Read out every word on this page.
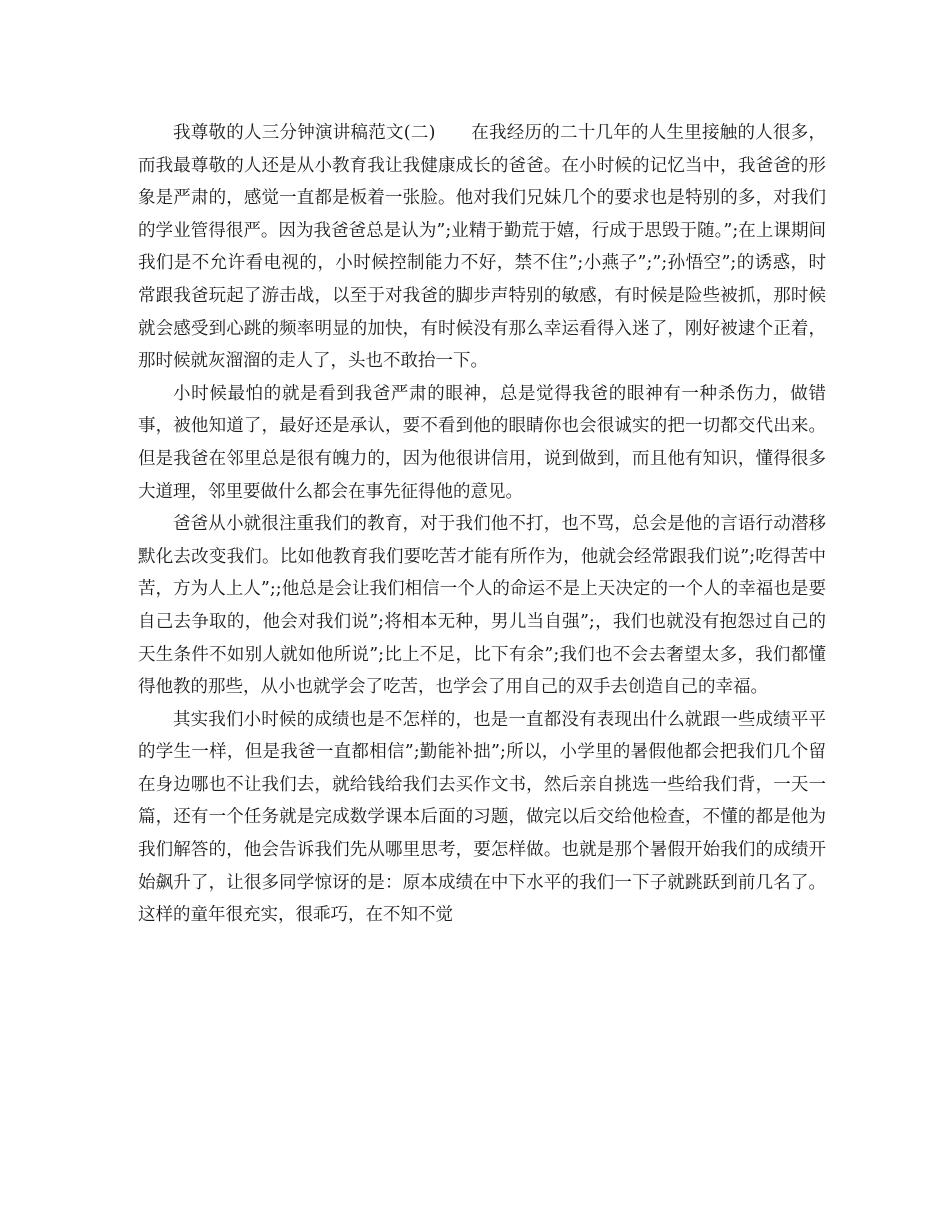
我尊敬的人三分钟演讲稿范文(二)　　在我经历的二十几年的人生里接触的人很多，而我最尊敬的人还是从小教育我让我健康成长的爸爸。在小时候的记忆当中，我爸爸的形象是严肃的，感觉一直都是板着一张脸。他对我们兄妹几个的要求也是特别的多，对我们的学业管得很严。因为我爸爸总是认为”;业精于勤荒于嬉，行成于思毁于随。”;在上课期间我们是不允许看电视的，小时候控制能力不好，禁不住”;小燕子”;”;孙悟空”;的诱惑，时常跟我爸玩起了游击战，以至于对我爸的脚步声特别的敏感，有时候是险些被抓，那时候就会感受到心跳的频率明显的加快，有时候没有那么幸运看得入迷了，刚好被逮个正着，那时候就灰溜溜的走人了，头也不敢抬一下。

小时候最怕的就是看到我爸严肃的眼神，总是觉得我爸的眼神有一种杀伤力，做错事，被他知道了，最好还是承认，要不看到他的眼睛你也会很诚实的把一切都交代出来。但是我爸在邻里总是很有魄力的，因为他很讲信用，说到做到，而且他有知识，懂得很多大道理，邻里要做什么都会在事先征得他的意见。

爸爸从小就很注重我们的教育，对于我们他不打，也不骂，总会是他的言语行动潜移默化去改变我们。比如他教育我们要吃苦才能有所作为，他就会经常跟我们说”;吃得苦中苦，方为人上人”;;他总是会让我们相信一个人的命运不是上天决定的一个人的幸福也是要自己去争取的，他会对我们说”;将相本无种，男儿当自强”;，我们也就没有抱怨过自己的天生条件不如别人就如他所说”;比上不足，比下有余”;我们也不会去奢望太多，我们都懂得他教的那些，从小也就学会了吃苦，也学会了用自己的双手去创造自己的幸福。

其实我们小时候的成绩也是不怎样的，也是一直都没有表现出什么就跟一些成绩平平的学生一样，但是我爸一直都相信”;勤能补拙”;所以，小学里的暑假他都会把我们几个留在身边哪也不让我们去，就给钱给我们去买作文书，然后亲自挑选一些给我们背，一天一篇，还有一个任务就是完成数学课本后面的习题，做完以后交给他检查，不懂的都是他为我们解答的，他会告诉我们先从哪里思考，要怎样做。也就是那个暑假开始我们的成绩开始飙升了，让很多同学惊讶的是：原本成绩在中下水平的我们一下子就跳跃到前几名了。这样的童年很充实，很乖巧，在不知不觉
